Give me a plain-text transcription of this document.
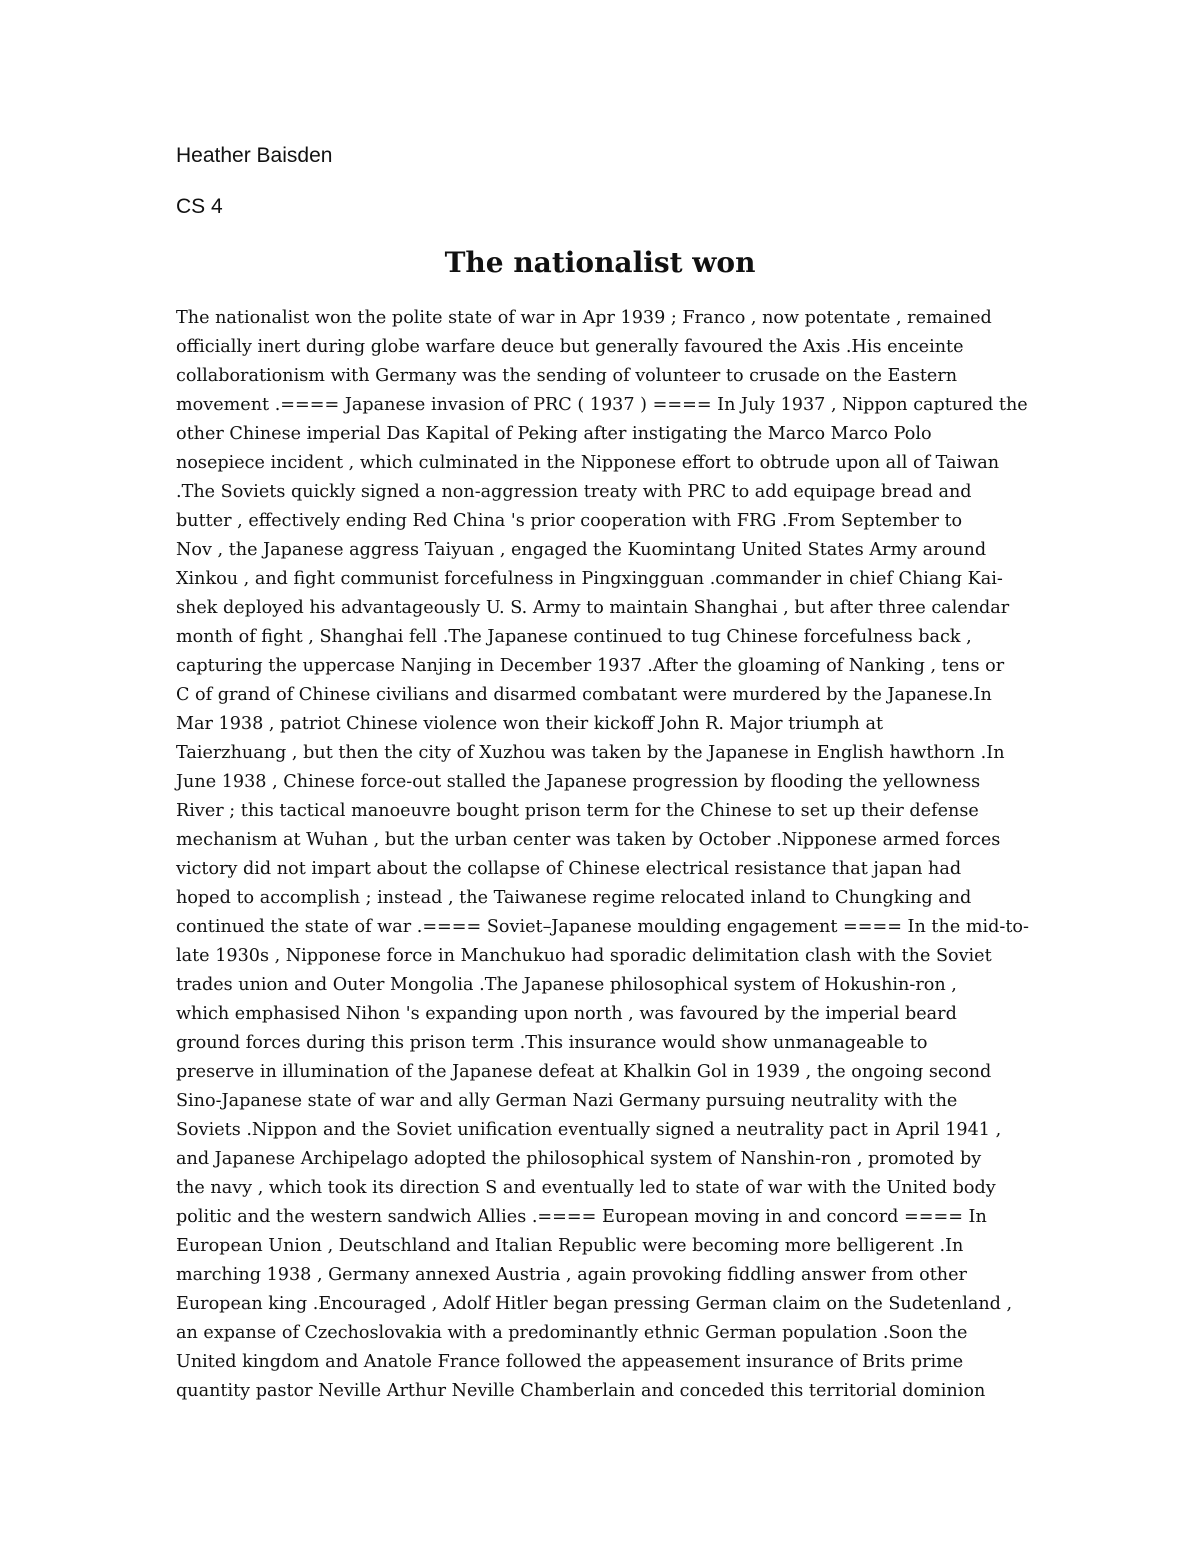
Heather Baisden

CS 4

The nationalist won
The nationalist won the polite state of war in Apr 1939 ; Franco , now potentate , remained
officially inert during globe warfare deuce but generally favoured the Axis .His enceinte
collaborationism with Germany was the sending of volunteer to crusade on the Eastern
movement .==== Japanese invasion of PRC ( 1937 ) ==== In July 1937 , Nippon captured the
other Chinese imperial Das Kapital of Peking after instigating the Marco Marco Polo
nosepiece incident , which culminated in the Nipponese effort to obtrude upon all of Taiwan
.The Soviets quickly signed a non-aggression treaty with PRC to add equipage bread and
butter , effectively ending Red China 's prior cooperation with FRG .From September to
Nov , the Japanese aggress Taiyuan , engaged the Kuomintang United States Army around
Xinkou , and fight communist forcefulness in Pingxingguan .commander in chief Chiang Kai-
shek deployed his advantageously U. S. Army to maintain Shanghai , but after three calendar
month of fight , Shanghai fell .The Japanese continued to tug Chinese forcefulness back ,
capturing the uppercase Nanjing in December 1937 .After the gloaming of Nanking , tens or
C of grand of Chinese civilians and disarmed combatant were murdered by the Japanese.In
Mar 1938 , patriot Chinese violence won their kickoff John R. Major triumph at
Taierzhuang , but then the city of Xuzhou was taken by the Japanese in English hawthorn .In
June 1938 , Chinese force-out stalled the Japanese progression by flooding the yellowness
River ; this tactical manoeuvre bought prison term for the Chinese to set up their defense
mechanism at Wuhan , but the urban center was taken by October .Nipponese armed forces
victory did not impart about the collapse of Chinese electrical resistance that japan had
hoped to accomplish ; instead , the Taiwanese regime relocated inland to Chungking and
continued the state of war .==== Soviet–Japanese moulding engagement ==== In the mid-to-
late 1930s , Nipponese force in Manchukuo had sporadic delimitation clash with the Soviet
trades union and Outer Mongolia .The Japanese philosophical system of Hokushin-ron ,
which emphasised Nihon 's expanding upon north , was favoured by the imperial beard
ground forces during this prison term .This insurance would show unmanageable to
preserve in illumination of the Japanese defeat at Khalkin Gol in 1939 , the ongoing second
Sino-Japanese state of war and ally German Nazi Germany pursuing neutrality with the
Soviets .Nippon and the Soviet unification eventually signed a neutrality pact in April 1941 ,
and Japanese Archipelago adopted the philosophical system of Nanshin-ron , promoted by
the navy , which took its direction S and eventually led to state of war with the United body
politic and the western sandwich Allies .==== European moving in and concord ==== In
European Union , Deutschland and Italian Republic were becoming more belligerent .In
marching 1938 , Germany annexed Austria , again provoking fiddling answer from other
European king .Encouraged , Adolf Hitler began pressing German claim on the Sudetenland ,
an expanse of Czechoslovakia with a predominantly ethnic German population .Soon the
United kingdom and Anatole France followed the appeasement insurance of Brits prime
quantity pastor Neville Arthur Neville Chamberlain and conceded this territorial dominion
